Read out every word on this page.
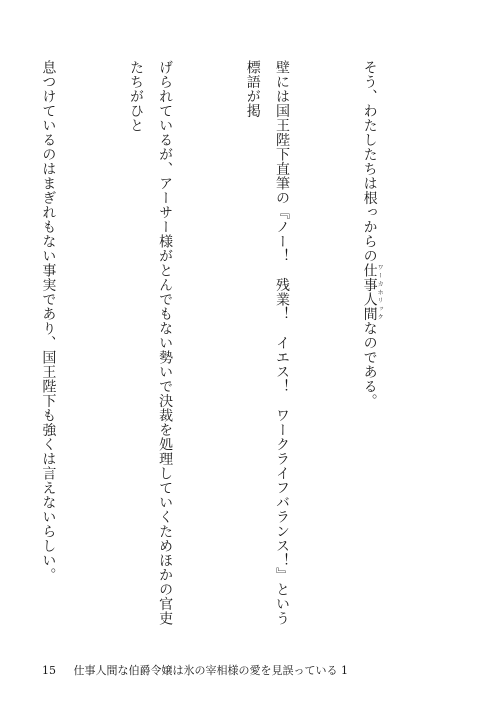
そう、わたしたちは根っからの仕事人間ワーカホリックなのである。

壁には国王陛下直筆の『ノー！　残業！　イエス！　ワークライフバランス！』という標語が掲

げられているが、アーサー様がとんでもない勢いで決裁を処理していくためほかの官吏たちがひと

息つけているのはまぎれもない事実であり、国王陛下も強くは言えないらしい。

15 仕事人間な伯爵令嬢は氷の宰相様の愛を見誤っている 1
